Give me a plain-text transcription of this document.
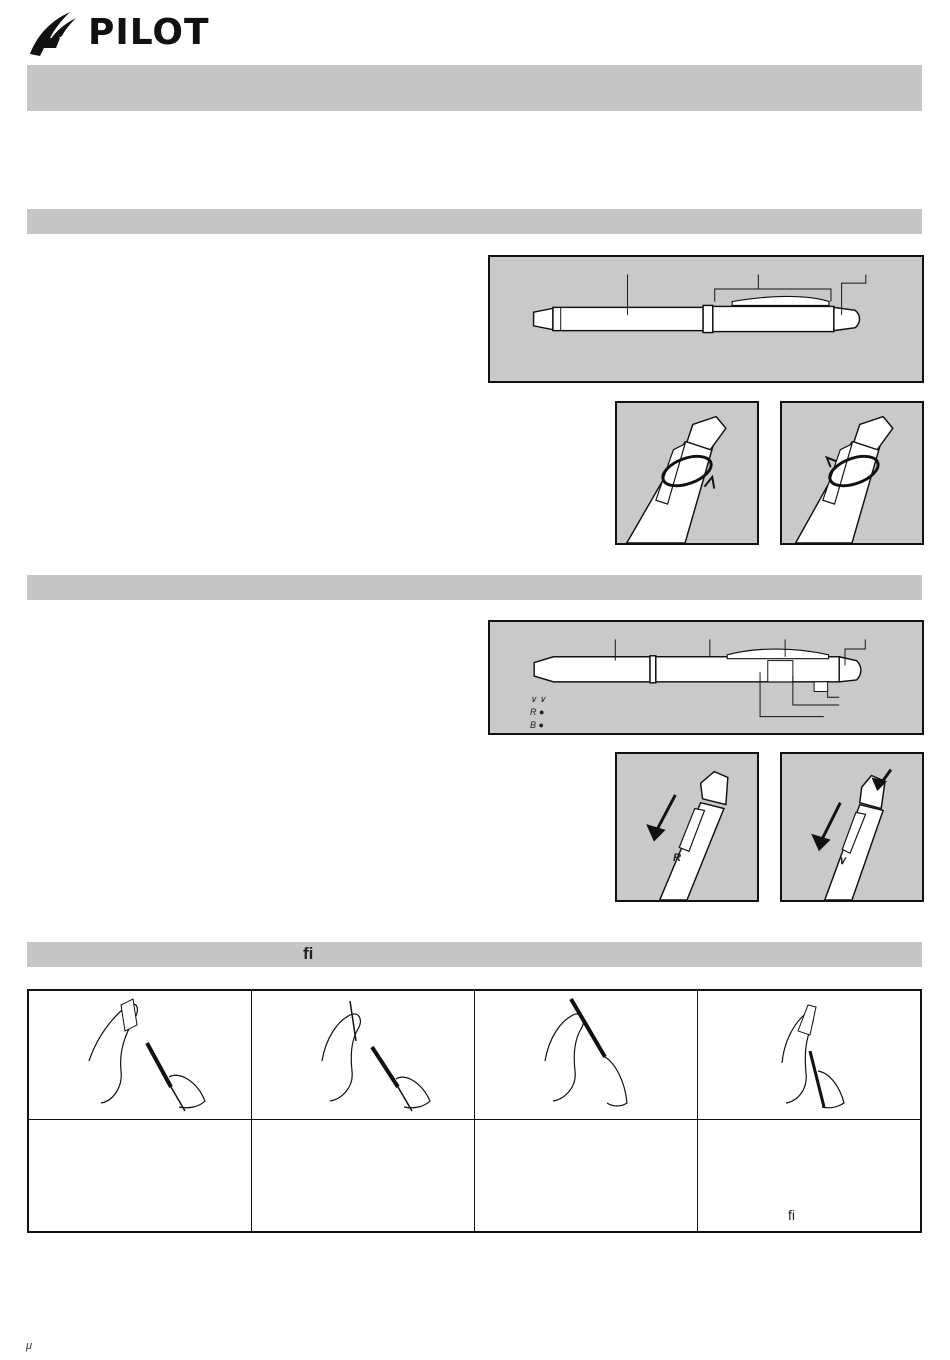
PILOT
∨ ∨
R ●
B ●
R	∨
fi
fi
μ
